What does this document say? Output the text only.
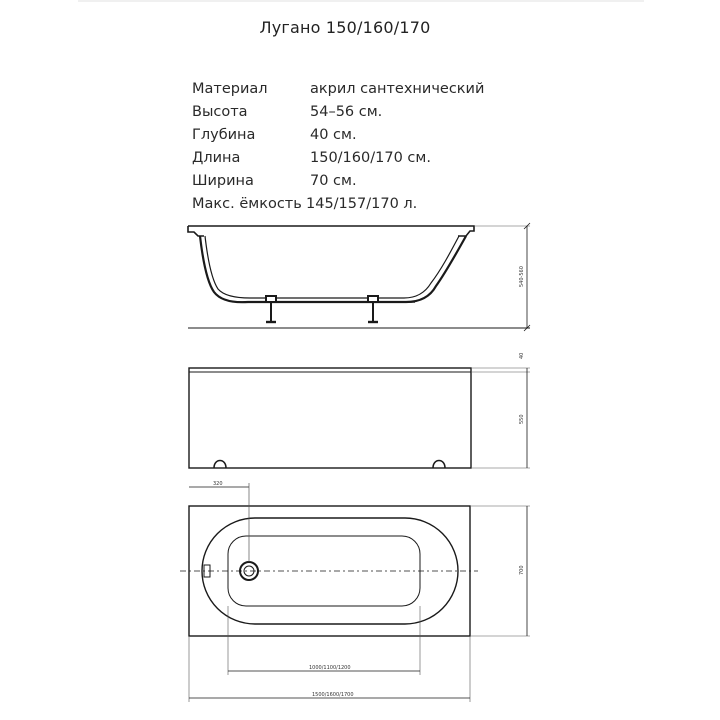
Лугано 150/160/170
Материал	акрил сантехнический
Высота	54–56 см.
Глубина	40 см.
Длина	150/160/170 см.
Ширина	70 см.
Макс. ёмкость 145/157/170 л.
540-560
40
550
320
700
1000/1100/1200
1500/1600/1700
